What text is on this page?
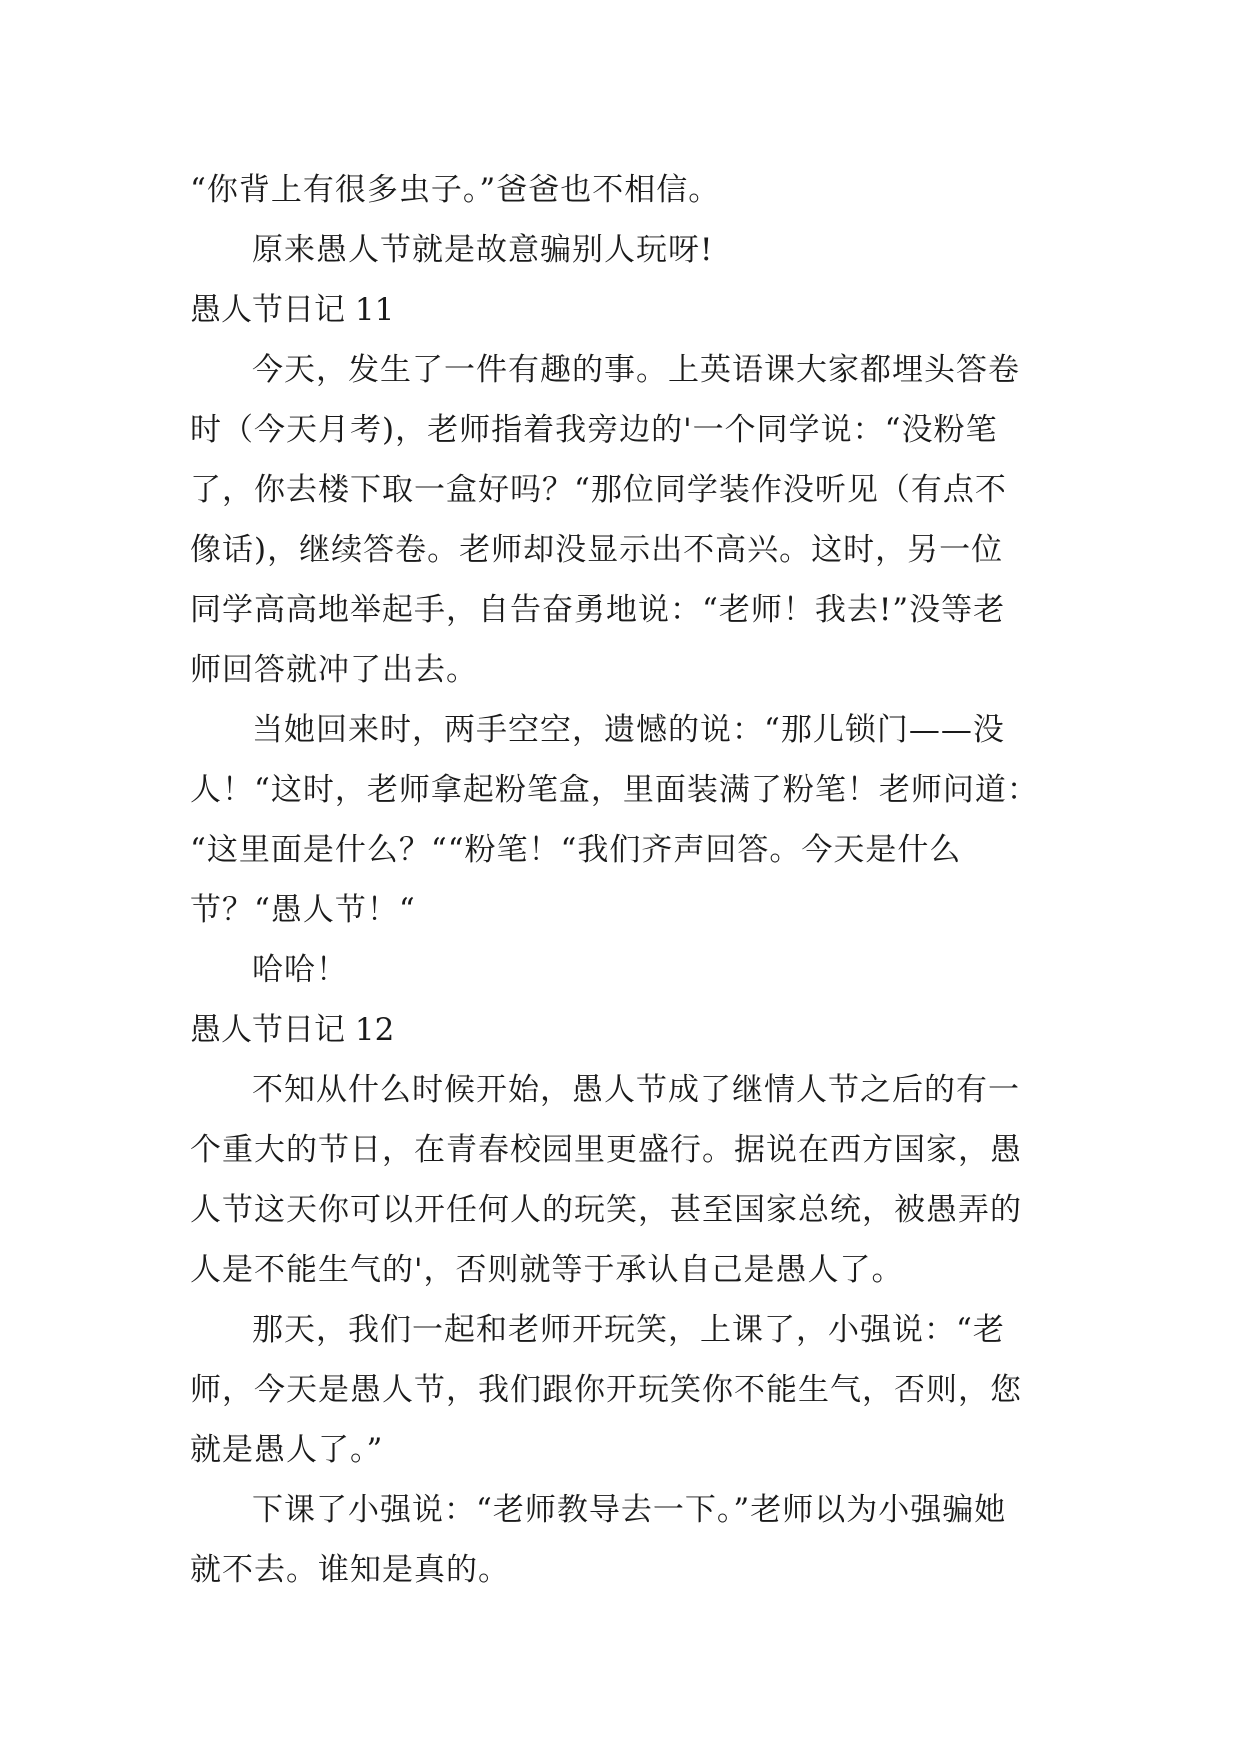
“你背上有很多虫子。”爸爸也不相信。
原来愚人节就是故意骗别人玩呀!
愚人节日记 11
今天，发生了一件有趣的事。上英语课大家都埋头答卷
时（今天月考)，老师指着我旁边的'一个同学说：“没粉笔
了，你去楼下取一盒好吗？“那位同学装作没听见（有点不
像话)，继续答卷。老师却没显示出不高兴。这时，另一位
同学高高地举起手，自告奋勇地说：“老师！我去!”没等老
师回答就冲了出去。
当她回来时，两手空空，遗憾的说：“那儿锁门——没
人！“这时，老师拿起粉笔盒，里面装满了粉笔！老师问道：
“这里面是什么？““粉笔！“我们齐声回答。今天是什么
节？“愚人节！“
哈哈！
愚人节日记 12
不知从什么时候开始，愚人节成了继情人节之后的有一
个重大的节日，在青春校园里更盛行。据说在西方国家，愚
人节这天你可以开任何人的玩笑，甚至国家总统，被愚弄的
人是不能生气的'，否则就等于承认自己是愚人了。
那天，我们一起和老师开玩笑，上课了，小强说：“老
师，今天是愚人节，我们跟你开玩笑你不能生气，否则，您
就是愚人了。”
下课了小强说：“老师教导去一下。”老师以为小强骗她
就不去。谁知是真的。
